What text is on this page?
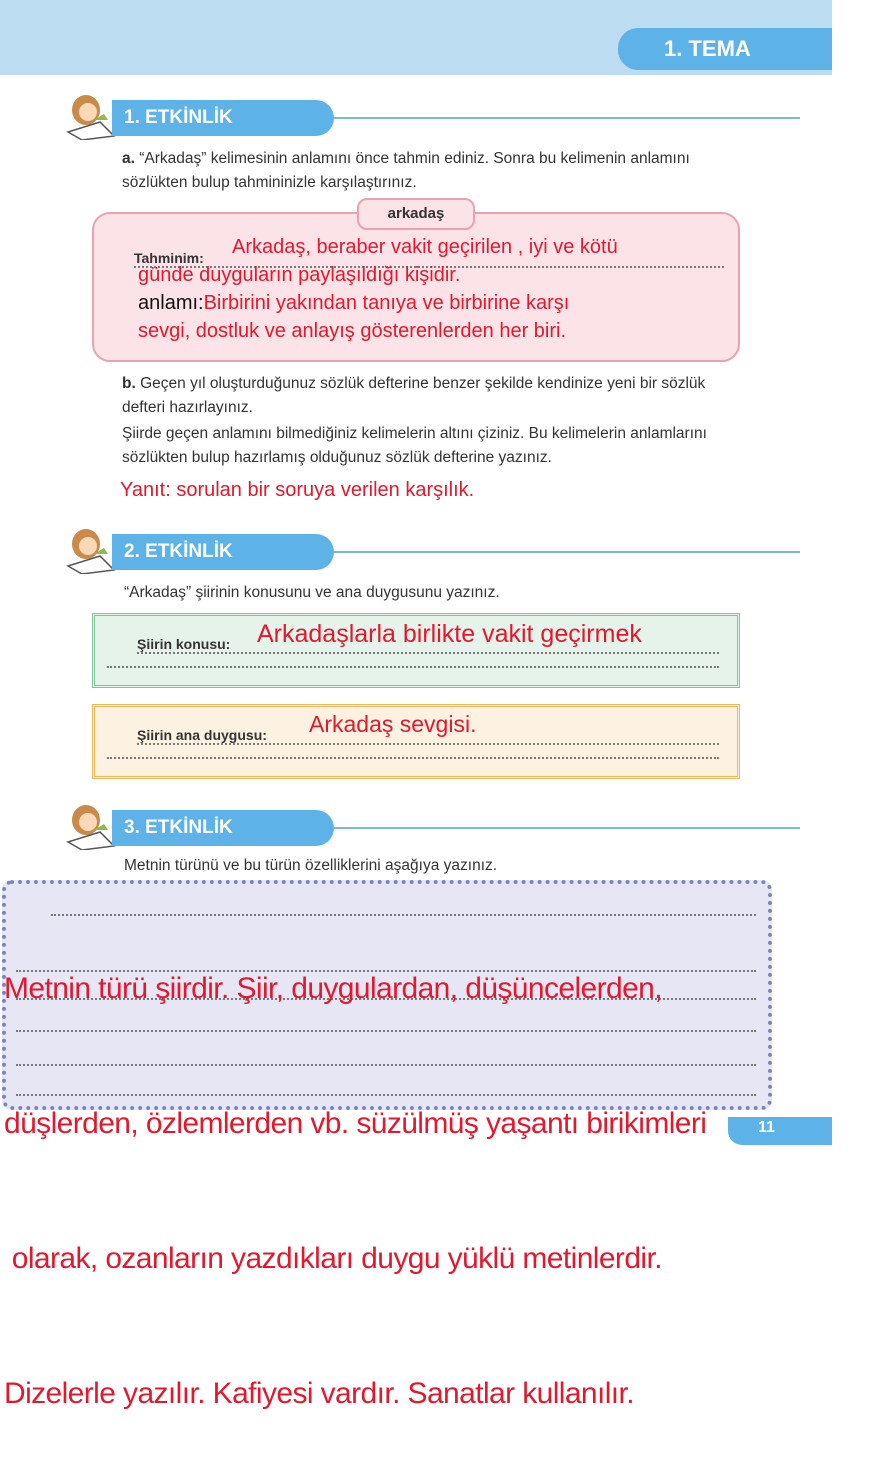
1. TEMA
1. ETKİNLİK
a. “Arkadaş” kelimesinin anlamını önce tahmin ediniz. Sonra bu kelimenin anlamını sözlükten bulup tahmininizle karşılaştırınız.
Tahminim: Arkadaş, beraber vakit geçirilen , iyi ve kötü
günde duyguların paylaşıldığı kişidir.
anlamı:Birbirini yakından tanıya ve birbirine karşı
sevgi, dostluk ve anlayış gösterenlerden her biri.
arkadaş
b. Geçen yıl oluşturduğunuz sözlük defterine benzer şekilde kendinize yeni bir sözlük defteri hazırlayınız.
Şiirde geçen anlamını bilmediğiniz kelimelerin altını çiziniz. Bu kelimelerin anlamlarını sözlükten bulup hazırlamış olduğunuz sözlük defterine yazınız.
Yanıt: sorulan bir soruya verilen karşılık.
2. ETKİNLİK
“Arkadaş” şiirinin konusunu ve ana duygusunu yazınız.
Şiirin konusu: Arkadaşlarla birlikte vakit geçirmek
Şiirin ana duygusu: Arkadaş sevgisi.
3. ETKİNLİK
Metnin türünü ve bu türün özelliklerini aşağıya yazınız.

Metnin türü şiirdir. Şiir, duygulardan, düşüncelerden,

düşlerden, özlemlerden vb. süzülmüş yaşantı birikimleri

olarak, ozanların yazdıkları duygu yüklü metinlerdir.

Dizelerle yazılır. Kafiyesi vardır. Sanatlar kullanılır.

11
